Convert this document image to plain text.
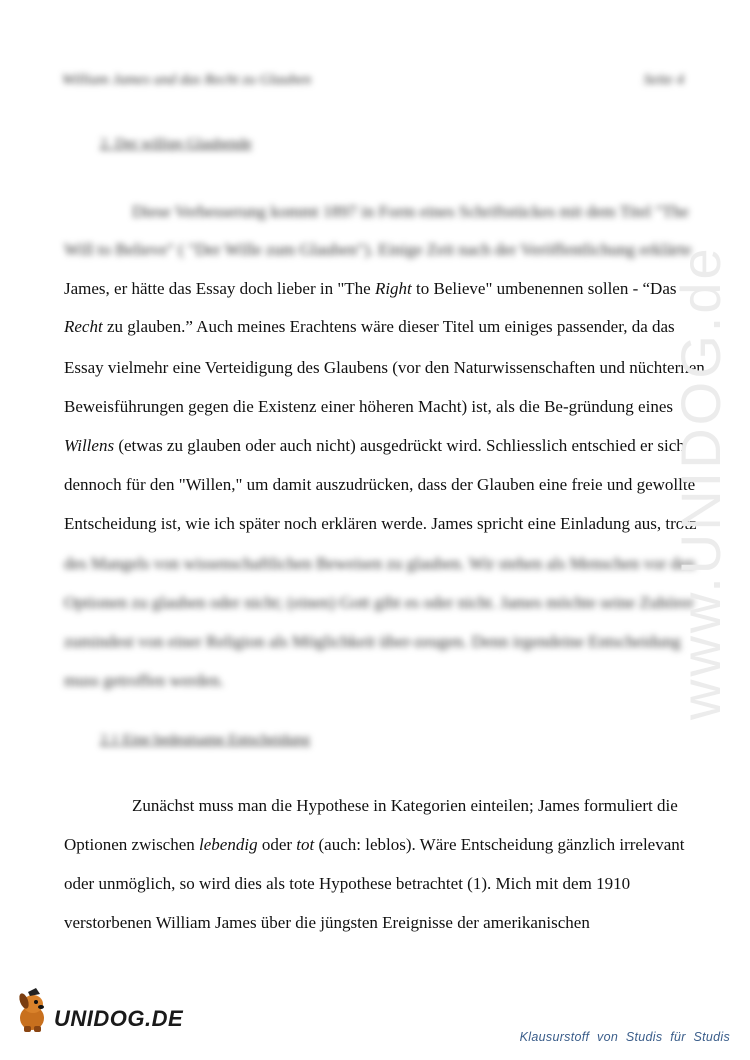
William James und das Recht zu Glauben	Seite 4
2. Der willige Glaubende
Diese Verbesserung kommt 1897 in Form eines Schriftstückes mit dem Titel "The
Will to Believe" ( "Der Wille zum Glauben"). Einige Zeit nach der Veröffentlichung erklärte
James, er hätte das Essay doch lieber in "The Right to Believe" umbenennen sollen - “Das
Recht zu glauben.” Auch meines Erachtens wäre dieser Titel um einiges passender, da das
Essay vielmehr eine Verteidigung des Glaubens (vor den Naturwissenschaften und nüchternen
Beweisführungen gegen die Existenz einer höheren Macht) ist, als die Be-gründung eines
Willens (etwas zu glauben oder auch nicht) ausgedrückt wird. Schliesslich entschied er sich
dennoch für den "Willen," um damit auszudrücken, dass der Glauben eine freie und gewollte
Entscheidung ist, wie ich später noch erklären werde. James spricht eine Einladung aus, trotz
des Mangels von wissenschaftlichen Beweisen zu glauben. Wir stehen als Menschen vor den
Optionen zu glauben oder nicht; (einen) Gott gibt es oder nicht. James möchte seine Zuhörer
zumindest von einer Religion als Möglichkeit über-zeugen. Denn irgendeine Entscheidung
muss getroffen werden.
2.1 Eine bedeutsame Entscheidung
Zunächst muss man die Hypothese in Kategorien einteilen; James formuliert die
Optionen zwischen lebendig oder tot (auch: leblos). Wäre Entscheidung gänzlich irrelevant
oder unmöglich, so wird dies als tote Hypothese betrachtet (1). Mich mit dem 1910
verstorbenen William James über die jüngsten Ereignisse der amerikanischen
www.UNIDOG.de
UNIDOG.DE
Klausurstoff von Studis für Studis
